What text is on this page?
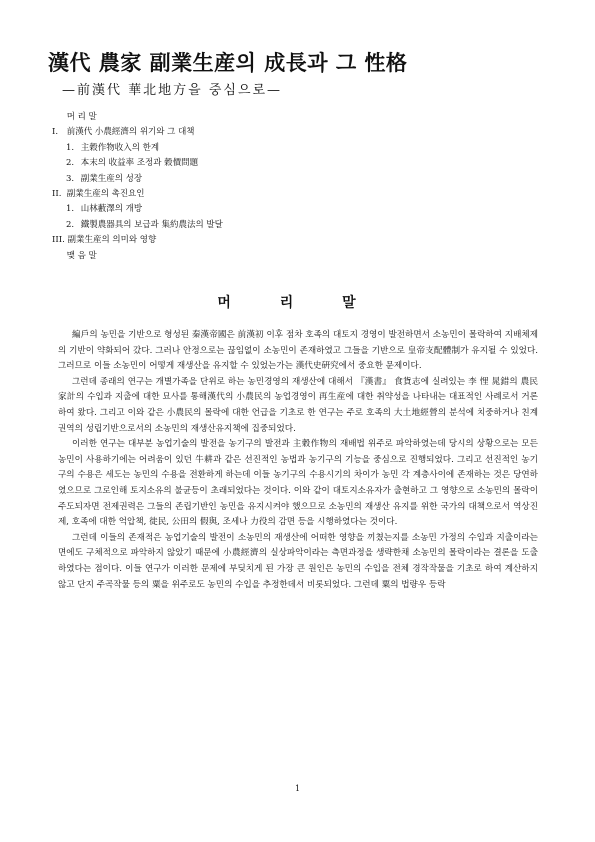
漢代 農家 副業生産의 成長과 그 性格
—前漢代 華北地方을 중심으로—
머 리 말
I. 前漢代 小農經濟의 위기와 그 대책
1. 主穀作物收入의 한계
2. 本末의 收益率 조정과 穀價問題
3. 副業生産의 성장
II. 副業生産의 촉진요인
1. 山林藪澤의 개방
2. 鐵製農器具의 보급과 集約農法의 발달
III. 副業生産의 의미와 영향
맺 음 말
머 리 말

編戶의 농민을 기반으로 형성된 秦漢帝國은 前漢初 이후 점차 호족의 대토지 경영이 발전하면서 소농민이 몰락하여 지배체제의 기반이 약화되어 갔다. 그러나 안정으로는 끊임없이 소농민이 존재하였고 그들을 기반으로 皇帝支配體制가 유지될 수 있었다. 그러므로 이들 소농민이 어떻게 재생산을 유지할 수 있었는가는 漢代史硏究에서 중요한 문제이다.

그런데 종래의 연구는 개별가족을 단위로 하는 농민경영의 재생산에 대해서 『漢書』 食貨志에 실려있는 李 悝 晁錯의 農民家計의 수입과 지출에 대한 묘사를 통해漢代의 小農民의 농업경영이 再生産에 대한 취약성을 나타내는 대표적인 사례로서 거론하여 왔다. 그리고 이와 같은 小農民의 몰락에 대한 언급을 기초로 한 연구는 주로 호족의 大土地經營의 분석에 치중하거나 친계권역의 성립기반으로서의 소농민의 재생산유지책에 집중되었다.

이러한 연구는 대부분 농업기술의 발전을 농기구의 발전과 主穀作物의 재배법 위주로 파악하였는데 당시의 상황으로는 모든 농민이 사용하기에는 어려움이 있던 牛耕과 같은 선진적인 농법과 농기구의 기능을 중심으로 진행되었다. 그리고 선진적인 농기구의 수용은 세도는 농민의 수용을 전환하게 하는데 이들 농기구의 수용시기의 차이가 농민 각 계층사이에 존재하는 것은 당연하였으므로 그로인해 토지소유의 불균등이 초래되었다는 것이다. 이와 같이 대토지소유자가 출현하고 그 영향으로 소농민의 몰락이 주도되자면 전제권력은 그들의 존립기반인 농민을 유지시켜야 했으므로 소농민의 재생산 유지를 위한 국가의 대책으로서 역상진제, 호족에 대한 억압책, 徙民, 公田의 假與, 조세나 力役의 감면 등을 시행하였다는 것이다.

그런데 이들의 존재적은 농업기술의 발전이 소농민의 재생산에 어떠한 영향을 끼쳤는지를 소농민 가정의 수입과 지출이라는 면에도 구체적으로 파악하지 않았기 때문에 小農經濟의 실상파악이라는 측면과정을 생략한채 소농민의 몰락이라는 결론을 도출하였다는 점이다. 이들 연구가 이러한 문제에 부딪치게 된 가장 큰 원인은 농민의 수입을 전체 경작작물을 기초로 하여 계산하지 않고 단지 주곡작물 등의 粟을 위주로도 농민의 수입을 추정한데서 비롯되었다. 그런데 粟의 법량우 등락

1
